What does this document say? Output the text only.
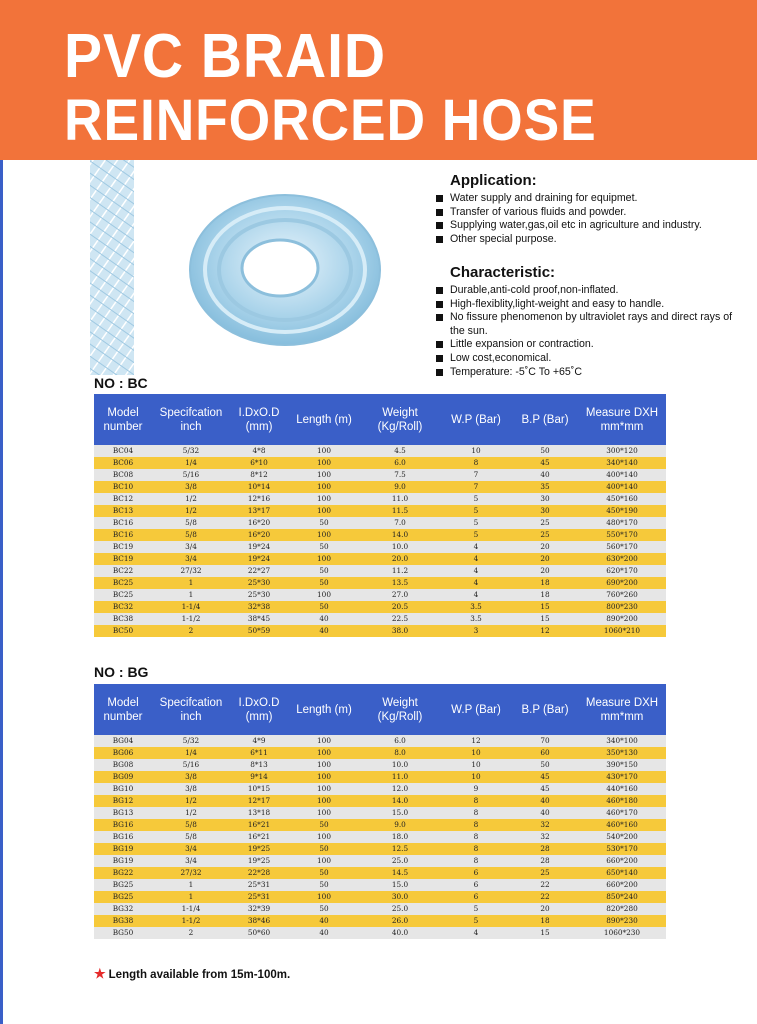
PVC BRAID
REINFORCED HOSE
Application:
Water supply and draining for equipmet.
Transfer of various fluids and powder.
Supplying water,gas,oil etc in agriculture and industry.
Other special purpose.
Characteristic:
Durable,anti-cold proof,non-inflated.
High-flexiblity,light-weight and easy to handle.
No fissure phenomenon by ultraviolet rays and direct rays of the sun.
Little expansion or contraction.
Low cost,economical.
Temperature: -5˚C To +65˚C
NO : BC
Model number	Specifcation inch	I.DxO.D (mm)	Length (m)	Weight (Kg/Roll)	W.P (Bar)	B.P (Bar)	Measure DXH mm*mm
BC04	5/32	4*8	100	4.5	10	50	300*120
BC06	1/4	6*10	100	6.0	8	45	340*140
BC08	5/16	8*12	100	7.5	7	40	400*140
BC10	3/8	10*14	100	9.0	7	35	400*140
BC12	1/2	12*16	100	11.0	5	30	450*160
BC13	1/2	13*17	100	11.5	5	30	450*190
BC16	5/8	16*20	50	7.0	5	25	480*170
BC16	5/8	16*20	100	14.0	5	25	550*170
BC19	3/4	19*24	50	10.0	4	20	560*170
BC19	3/4	19*24	100	20.0	4	20	630*200
BC22	27/32	22*27	50	11.2	4	20	620*170
BC25	1	25*30	50	13.5	4	18	690*200
BC25	1	25*30	100	27.0	4	18	760*260
BC32	1-1/4	32*38	50	20.5	3.5	15	800*230
BC38	1-1/2	38*45	40	22.5	3.5	15	890*200
BC50	2	50*59	40	38.0	3	12	1060*210
NO : BG
Model number	Specifcation inch	I.DxO.D (mm)	Length (m)	Weight (Kg/Roll)	W.P (Bar)	B.P (Bar)	Measure DXH mm*mm
BG04	5/32	4*9	100	6.0	12	70	340*100
BG06	1/4	6*11	100	8.0	10	60	350*130
BG08	5/16	8*13	100	10.0	10	50	390*150
BG09	3/8	9*14	100	11.0	10	45	430*170
BG10	3/8	10*15	100	12.0	9	45	440*160
BG12	1/2	12*17	100	14.0	8	40	460*180
BG13	1/2	13*18	100	15.0	8	40	460*170
BG16	5/8	16*21	50	9.0	8	32	460*160
BG16	5/8	16*21	100	18.0	8	32	540*200
BG19	3/4	19*25	50	12.5	8	28	530*170
BG19	3/4	19*25	100	25.0	8	28	660*200
BG22	27/32	22*28	50	14.5	6	25	650*140
BG25	1	25*31	50	15.0	6	22	660*200
BG25	1	25*31	100	30.0	6	22	850*240
BG32	1-1/4	32*39	50	25.0	5	20	820*280
BG38	1-1/2	38*46	40	26.0	5	18	890*230
BG50	2	50*60	40	40.0	4	15	1060*230
★ Length available from 15m-100m.
